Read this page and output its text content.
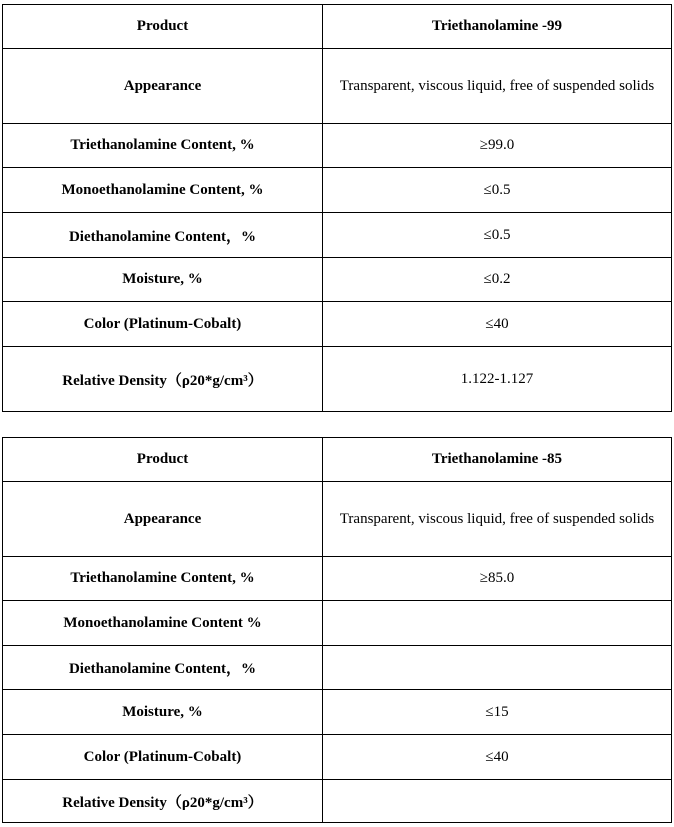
Product	Triethanolamine -99
Appearance	Transparent, viscous liquid, free of suspended solids

Triethanolamine Content, %	≥99.0
Monoethanolamine Content, %	≤0.5
Diethanolamine Content，%	≤0.5
Moisture, %	≤0.2
Color (Platinum-Cobalt)	≤40
Relative Density（ρ20*g/cm³）	1.122-1.127
Product	Triethanolamine -85
Appearance	Transparent, viscous liquid, free of suspended solids

Triethanolamine Content, %	≥85.0
Monoethanolamine Content %	
Diethanolamine Content，%	
Moisture, %	≤15
Color (Platinum-Cobalt)	≤40
Relative Density（ρ20*g/cm³）	
